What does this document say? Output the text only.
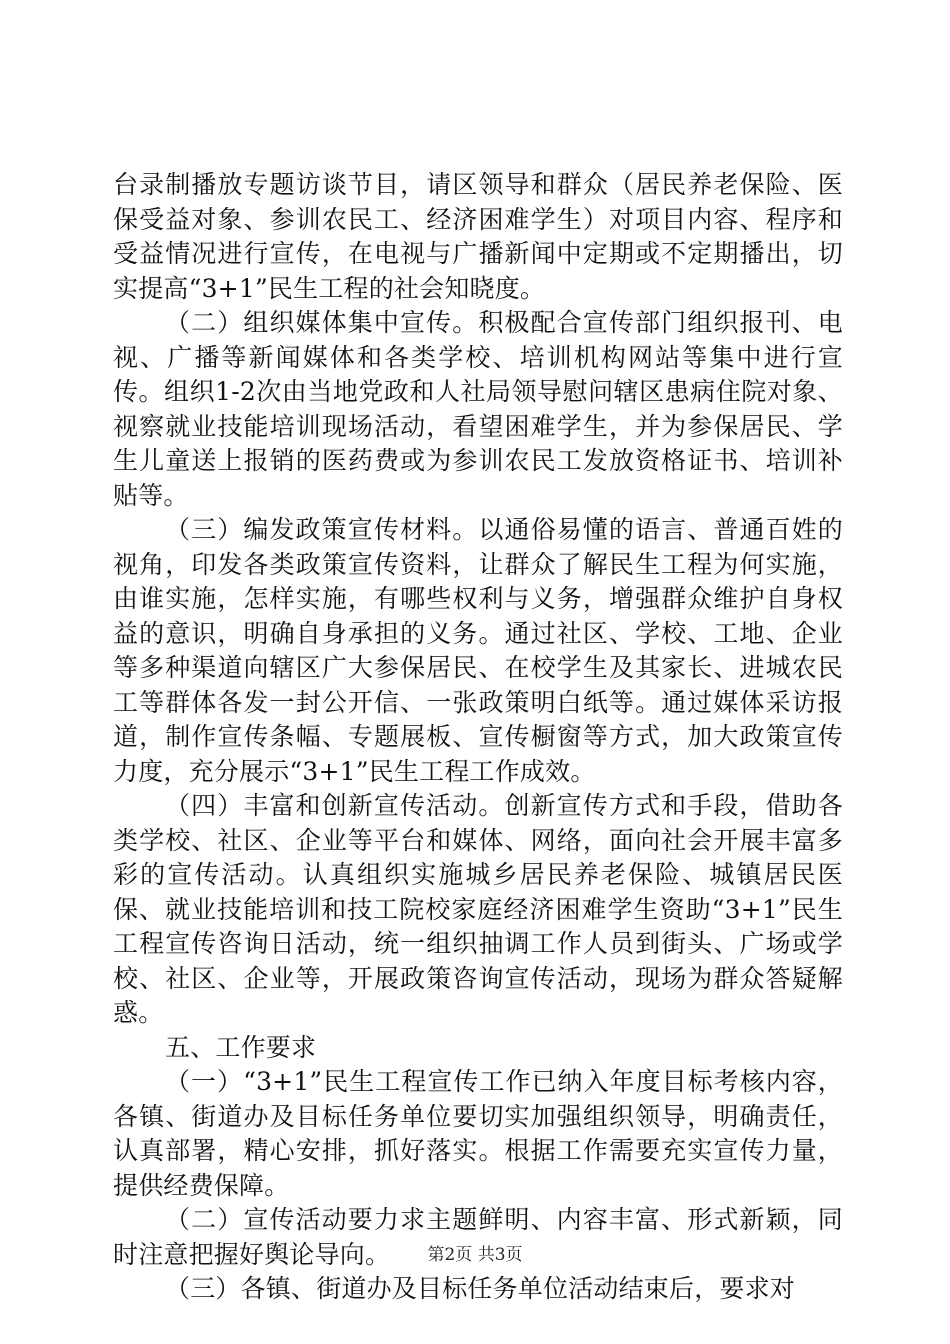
台录制播放专题访谈节目，请区领导和群众（居民养老保险、医保受益对象、参训农民工、经济困难学生）对项目内容、程序和受益情况进行宣传，在电视与广播新闻中定期或不定期播出，切实提高“3+1”民生工程的社会知晓度。

（二）组织媒体集中宣传。积极配合宣传部门组织报刊、电视、广播等新闻媒体和各类学校、培训机构网站等集中进行宣传。组织1-2次由当地党政和人社局领导慰问辖区患病住院对象、视察就业技能培训现场活动，看望困难学生，并为参保居民、学生儿童送上报销的医药费或为参训农民工发放资格证书、培训补贴等。

（三）编发政策宣传材料。以通俗易懂的语言、普通百姓的视角，印发各类政策宣传资料，让群众了解民生工程为何实施，由谁实施，怎样实施，有哪些权利与义务，增强群众维护自身权益的意识，明确自身承担的义务。通过社区、学校、工地、企业等多种渠道向辖区广大参保居民、在校学生及其家长、进城农民工等群体各发一封公开信、一张政策明白纸等。通过媒体采访报道，制作宣传条幅、专题展板、宣传橱窗等方式，加大政策宣传力度，充分展示“3+1”民生工程工作成效。

（四）丰富和创新宣传活动。创新宣传方式和手段，借助各类学校、社区、企业等平台和媒体、网络，面向社会开展丰富多彩的宣传活动。认真组织实施城乡居民养老保险、城镇居民医保、就业技能培训和技工院校家庭经济困难学生资助“3+1”民生工程宣传咨询日活动，统一组织抽调工作人员到街头、广场或学校、社区、企业等，开展政策咨询宣传活动，现场为群众答疑解惑。

五、工作要求

（一）“3+1”民生工程宣传工作已纳入年度目标考核内容，各镇、街道办及目标任务单位要切实加强组织领导，明确责任，认真部署，精心安排，抓好落实。根据工作需要充实宣传力量，提供经费保障。

（二）宣传活动要力求主题鲜明、内容丰富、形式新颖，同时注意把握好舆论导向。

（三）各镇、街道办及目标任务单位活动结束后，要求对

第2页 共3页
